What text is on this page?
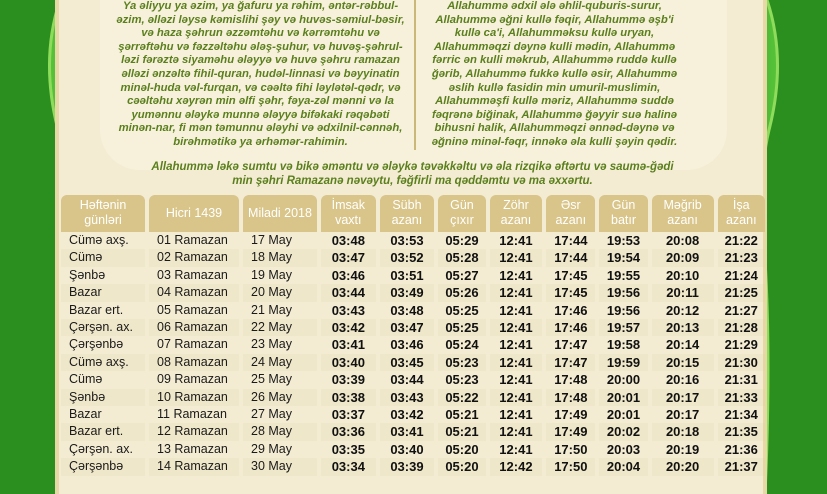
Ya əliyyu ya əzim, ya ğafuru ya rəhim, əntər-rəbbul-əzim, əlləzi ləysə kəmislihi şəy və huvəs-səmiul-bəsir, və haza şəhrun əzzəmtəhu və kərrəmtəhu və şərrəftəhu və fəzzəltəhu ələş-şuhur, və huvəş-şəhrul-ləzi fərəztə siyaməhu ələyyə və huvə şəhru ramazan əlləzi ənzəltə fihil-quran, hudəl-linnasi və bəyyinatin minəl-huda vəl-furqan, və cəəltə fihi ləylətəl-qədr, və cəəltəhu xəyrən min əlfi şəhr, fəya-zəl mənni və la yumənnu ələykə munnə ələyyə bifəkaki rəqəbəti minən-nar, fi mən təmunnu ələyhi və ədxilnil-cənnəh, birəhmətikə ya ərhəmər-rahimin.
Allahummə ədxil ələ əhlil-quburis-surur, Allahummə əğni kullə fəqir, Allahummə əşb'i kullə ca'i, Allahumməksu kullə uryan, Allahumməqzi dəynə kulli mədin, Allahummə fərric ən kulli məkrub, Allahummə ruddə kullə ğərib, Allahummə fukkə kullə əsir, Allahummə əslih kullə fasidin min umuril-muslimin, Allahumməşfi kullə məriz, Allahummə suddə fəqrənə biğinak, Allahummə ğəyyir suə halinə bihusni halik, Allahumməqzi ənnəd-dəynə və əğninə minəl-fəqr, innəkə əla kulli şəyin qədir.
Allahummə ləkə sumtu və bikə əməntu və ələykə təvəkkəltu və əla rizqikə əftərtu və saumə-ğədi min şəhri Ramazanə nəvəytu, fəğfirli ma qəddəmtu və ma əxxərtu.
Həftənin günləri	Hicri 1439	Miladi 2018	İmsak vaxtı	Sübh azanı	Gün çıxır	Zöhr azanı	Əsr azanı	Gün batır	Məğrib azanı	İşa azanı
Cümə axş.	01 Ramazan	17 May	03:48	03:53	05:29	12:41	17:44	19:53	20:08	21:22
Cümə	02 Ramazan	18 May	03:47	03:52	05:28	12:41	17:44	19:54	20:09	21:23
Şənbə	03 Ramazan	19 May	03:46	03:51	05:27	12:41	17:45	19:55	20:10	21:24
Bazar	04 Ramazan	20 May	03:44	03:49	05:26	12:41	17:45	19:56	20:11	21:25
Bazar ert.	05 Ramazan	21 May	03:43	03:48	05:25	12:41	17:46	19:56	20:12	21:27
Çərşən. ax.	06 Ramazan	22 May	03:42	03:47	05:25	12:41	17:46	19:57	20:13	21:28
Çərşənbə	07 Ramazan	23 May	03:41	03:46	05:24	12:41	17:47	19:58	20:14	21:29
Cümə axş.	08 Ramazan	24 May	03:40	03:45	05:23	12:41	17:47	19:59	20:15	21:30
Cümə	09 Ramazan	25 May	03:39	03:44	05:23	12:41	17:48	20:00	20:16	21:31
Şənbə	10 Ramazan	26 May	03:38	03:43	05:22	12:41	17:48	20:01	20:17	21:33
Bazar	11 Ramazan	27 May	03:37	03:42	05:21	12:41	17:49	20:01	20:17	21:34
Bazar ert.	12 Ramazan	28 May	03:36	03:41	05:21	12:41	17:49	20:02	20:18	21:35
Çərşən. ax.	13 Ramazan	29 May	03:35	03:40	05:20	12:41	17:50	20:03	20:19	21:36
Çərşənbə	14 Ramazan	30 May	03:34	03:39	05:20	12:42	17:50	20:04	20:20	21:37
